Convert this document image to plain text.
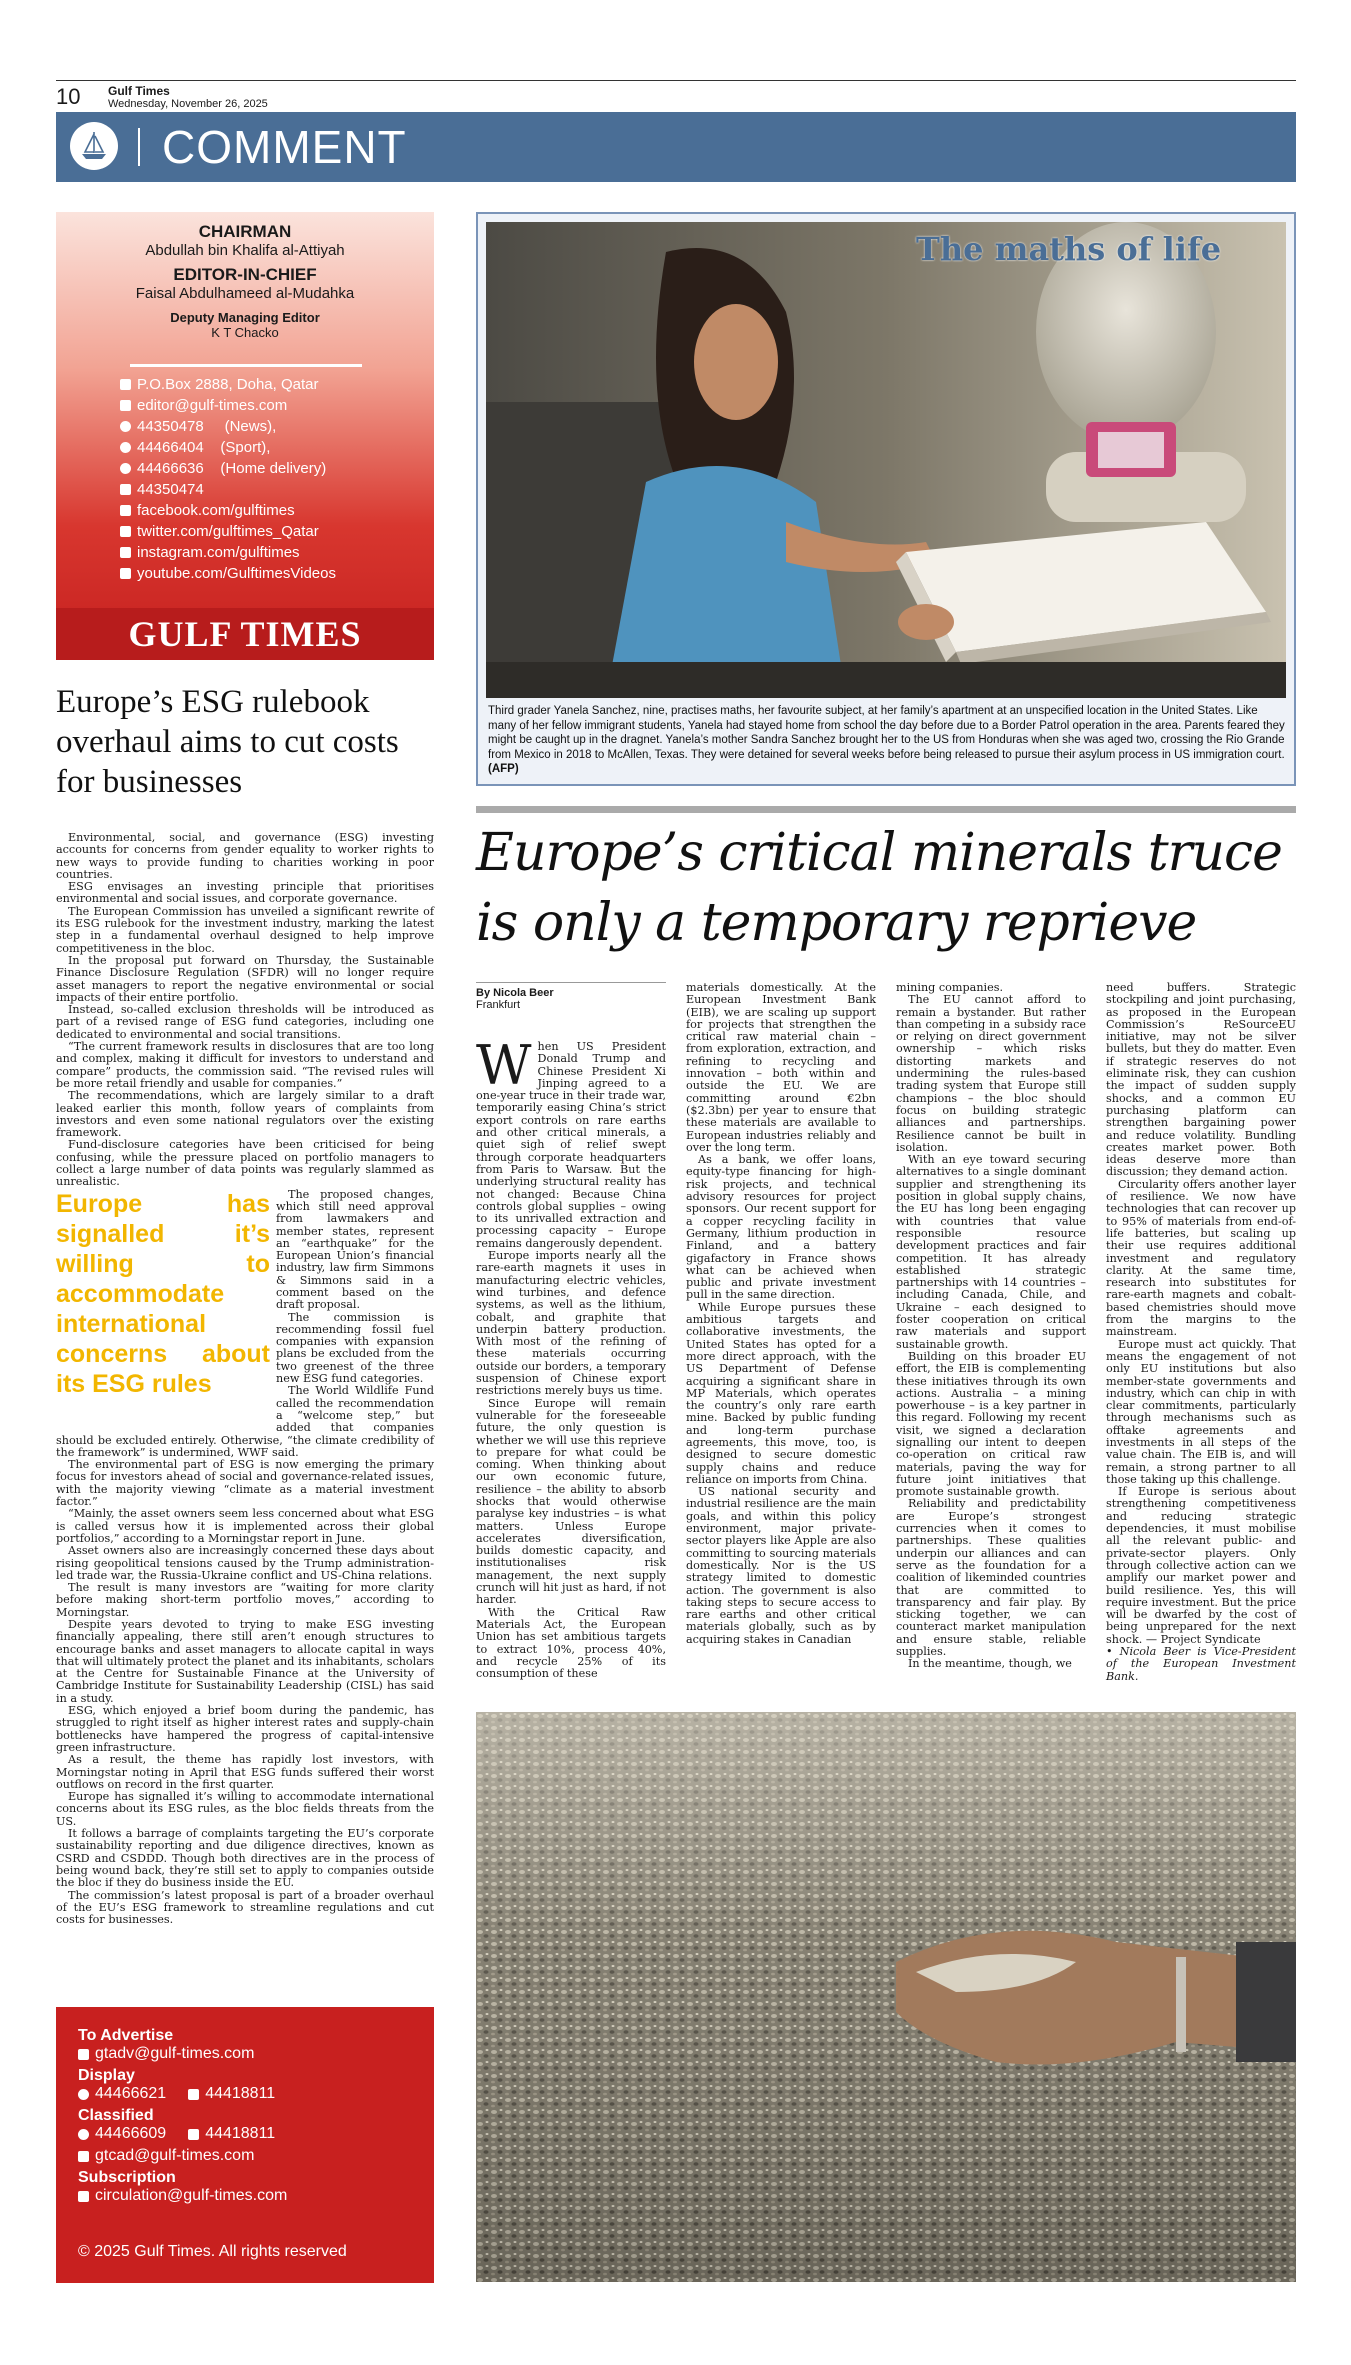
10 Gulf Times
Wednesday, November 26, 2025
COMMENT
CHAIRMAN
Abdullah bin Khalifa al-Attiyah
EDITOR-IN-CHIEF
Faisal Abdulhameed al-Mudahka
Deputy Managing Editor
K T Chacko
P.O.Box 2888, Doha, Qatar
editor@gulf-times.com
44350478     (News),
44466404    (Sport),
44466636    (Home delivery)
44350474
facebook.com/gulftimes
twitter.com/gulftimes_Qatar
instagram.com/gulftimes
youtube.com/GulftimesVideos
GULF TIMES
Europe’s ESG rulebook overhaul aims to cut costs for businesses

Environmental, social, and governance (ESG) investing accounts for concerns from gender equality to worker rights to new ways to provide funding to charities working in poor countries.

ESG envisages an investing principle that prioritises environmental and social issues, and corporate governance.

The European Commission has unveiled a significant rewrite of its ESG rulebook for the investment industry, marking the latest step in a fundamental overhaul designed to help improve competitiveness in the bloc.

In the proposal put forward on Thursday, the Sustainable Finance Disclosure Regulation (SFDR) will no longer require asset managers to report the negative environmental or social impacts of their entire portfolio.

Instead, so-called exclusion thresholds will be introduced as part of a revised range of ESG fund categories, including one dedicated to environmental and social transitions.

“The current framework results in disclosures that are too long and complex, making it difficult for investors to understand and compare” products, the commission said. “The revised rules will be more retail friendly and usable for companies.”

The recommendations, which are largely similar to a draft leaked earlier this month, follow years of complaints from investors and even some national regulators over the existing framework.

Fund-disclosure categories have been criticised for being confusing, while the pressure placed on portfolio managers to collect a large number of data points was regularly slammed as unrealistic.

Europe has signalled it’s willing to accommodate international concerns about its ESG rules

The proposed changes, which still need approval from lawmakers and member states, represent an “earthquake” for the European Union’s financial industry, law firm Simmons & Simmons said in a comment based on the draft proposal.

The commission is recommending fossil fuel companies with expansion plans be excluded from the two greenest of the three new ESG fund categories.

The World Wildlife Fund called the recommendation a “welcome step,” but added that companies should be excluded entirely. Otherwise, “the climate credibility of the framework” is undermined, WWF said.

The environmental part of ESG is now emerging the primary focus for investors ahead of social and governance-related issues, with the majority viewing “climate as a material investment factor.”

“Mainly, the asset owners seem less concerned about what ESG is called versus how it is implemented across their global portfolios,” according to a Morningstar report in June.

Asset owners also are increasingly concerned these days about rising geopolitical tensions caused by the Trump administration-led trade war, the Russia-Ukraine conflict and US-China relations.

The result is many investors are “waiting for more clarity before making short-term portfolio moves,” according to Morningstar.

Despite years devoted to trying to make ESG investing financially appealing, there still aren’t enough structures to encourage banks and asset managers to allocate capital in ways that will ultimately protect the planet and its inhabitants, scholars at the Centre for Sustainable Finance at the University of Cambridge Institute for Sustainability Leadership (CISL) has said in a study.

ESG, which enjoyed a brief boom during the pandemic, has struggled to right itself as higher interest rates and supply-chain bottlenecks have hampered the progress of capital-intensive green infrastructure.

As a result, the theme has rapidly lost investors, with Morningstar noting in April that ESG funds suffered their worst outflows on record in the first quarter.

Europe has signalled it’s willing to accommodate international concerns about its ESG rules, as the bloc fields threats from the US.

It follows a barrage of complaints targeting the EU’s corporate sustainability reporting and due diligence directives, known as CSRD and CSDDD. Though both directives are in the process of being wound back, they’re still set to apply to companies outside the bloc if they do business inside the EU.

The commission’s latest proposal is part of a broader overhaul of the EU’s ESG framework to streamline regulations and cut costs for businesses.

To Advertise
gtadv@gulf-times.com
Display
44466621 44418811
Classified
44466609 44418811
gtcad@gulf-times.com
Subscription
circulation@gulf-times.com
© 2025 Gulf Times. All rights reserved
The maths of life
Third grader Yanela Sanchez, nine, practises maths, her favourite subject, at her family’s apartment at an unspecified location in the United States. Like many of her fellow immigrant students, Yanela had stayed home from school the day before due to a Border Patrol operation in the area. Parents feared they might be caught up in the dragnet. Yanela’s mother Sandra Sanchez brought her to the US from Honduras when she was aged two, crossing the Rio Grande from Mexico in 2018 to McAllen, Texas. They were detained for several weeks before being released to pursue their asylum process in US immigration court. (AFP)
Europe’s critical minerals truce is only a temporary reprieve
By Nicola Beer
Frankfurt

When US President Donald Trump and Chinese President Xi Jinping agreed to a one-year truce in their trade war, temporarily easing China’s strict export controls on rare earths and other critical minerals, a quiet sigh of relief swept through corporate headquarters from Paris to Warsaw. But the underlying structural reality has not changed: Because China controls global supplies – owing to its unrivalled extraction and processing capacity – Europe remains dangerously dependent.

Europe imports nearly all the rare-earth magnets it uses in manufacturing electric vehicles, wind turbines, and defence systems, as well as the lithium, cobalt, and graphite that underpin battery production. With most of the refining of these materials occurring outside our borders, a temporary suspension of Chinese export restrictions merely buys us time.

Since Europe will remain vulnerable for the foreseeable future, the only question is whether we will use this reprieve to prepare for what could be coming. When thinking about our own economic future, resilience – the ability to absorb shocks that would otherwise paralyse key industries – is what matters. Unless Europe accelerates diversification, builds domestic capacity, and institutionalises risk management, the next supply crunch will hit just as hard, if not harder.

With the Critical Raw Materials Act, the European Union has set ambitious targets to extract 10%, process 40%, and recycle 25% of its consumption of these

materials domestically. At the European Investment Bank (EIB), we are scaling up support for projects that strengthen the critical raw material chain – from exploration, extraction, and refining to recycling and innovation – both within and outside the EU. We are committing around €2bn ($2.3bn) per year to ensure that these materials are available to European industries reliably and over the long term.

As a bank, we offer loans, equity-type financing for high-risk projects, and technical advisory resources for project sponsors. Our recent support for a copper recycling facility in Germany, lithium production in Finland, and a battery gigafactory in France shows what can be achieved when public and private investment pull in the same direction.

While Europe pursues these ambitious targets and collaborative investments, the United States has opted for a more direct approach, with the US Department of Defense acquiring a significant share in MP Materials, which operates the country’s only rare earth mine. Backed by public funding and long-term purchase agreements, this move, too, is designed to secure domestic supply chains and reduce reliance on imports from China.

US national security and industrial resilience are the main goals, and within this policy environment, major private-sector players like Apple are also committing to sourcing materials domestically. Nor is the US strategy limited to domestic action. The government is also taking steps to secure access to rare earths and other critical materials globally, such as by acquiring stakes in Canadian

mining companies.

The EU cannot afford to remain a bystander. But rather than competing in a subsidy race or relying on direct government ownership – which risks distorting markets and undermining the rules-based trading system that Europe still champions – the bloc should focus on building strategic alliances and partnerships. Resilience cannot be built in isolation.

With an eye toward securing alternatives to a single dominant supplier and strengthening its position in global supply chains, the EU has long been engaging with countries that value responsible resource development practices and fair competition. It has already established strategic partnerships with 14 countries – including Canada, Chile, and Ukraine – each designed to foster cooperation on critical raw materials and support sustainable growth.

Building on this broader EU effort, the EIB is complementing these initiatives through its own actions. Australia – a mining powerhouse – is a key partner in this regard. Following my recent visit, we signed a declaration signalling our intent to deepen co-operation on critical raw materials, paving the way for future joint initiatives that promote sustainable growth.

Reliability and predictability are Europe’s strongest currencies when it comes to partnerships. These qualities underpin our alliances and can serve as the foundation for a coalition of likeminded countries that are committed to transparency and fair play. By sticking together, we can counteract market manipulation and ensure stable, reliable supplies.

In the meantime, though, we

need buffers. Strategic stockpiling and joint purchasing, as proposed in the European Commission’s ReSourceEU initiative, may not be silver bullets, but they do matter. Even if strategic reserves do not eliminate risk, they can cushion the impact of sudden supply shocks, and a common EU purchasing platform can strengthen bargaining power and reduce volatility. Bundling creates market power. Both ideas deserve more than discussion; they demand action.

Circularity offers another layer of resilience. We now have technologies that can recover up to 95% of materials from end-of-life batteries, but scaling up their use requires additional investment and regulatory clarity. At the same time, research into substitutes for rare-earth magnets and cobalt-based chemistries should move from the margins to the mainstream.

Europe must act quickly. That means the engagement of not only EU institutions but also member-state governments and industry, which can chip in with clear commitments, particularly through mechanisms such as offtake agreements and investments in all steps of the value chain. The EIB is, and will remain, a strong partner to all those taking up this challenge.

If Europe is serious about strengthening competitiveness and reducing strategic dependencies, it must mobilise all the relevant public- and private-sector players. Only through collective action can we amplify our market power and build resilience. Yes, this will require investment. But the price will be dwarfed by the cost of being unprepared for the next shock. — Project Syndicate

• Nicola Beer is Vice-President of the European Investment Bank.
